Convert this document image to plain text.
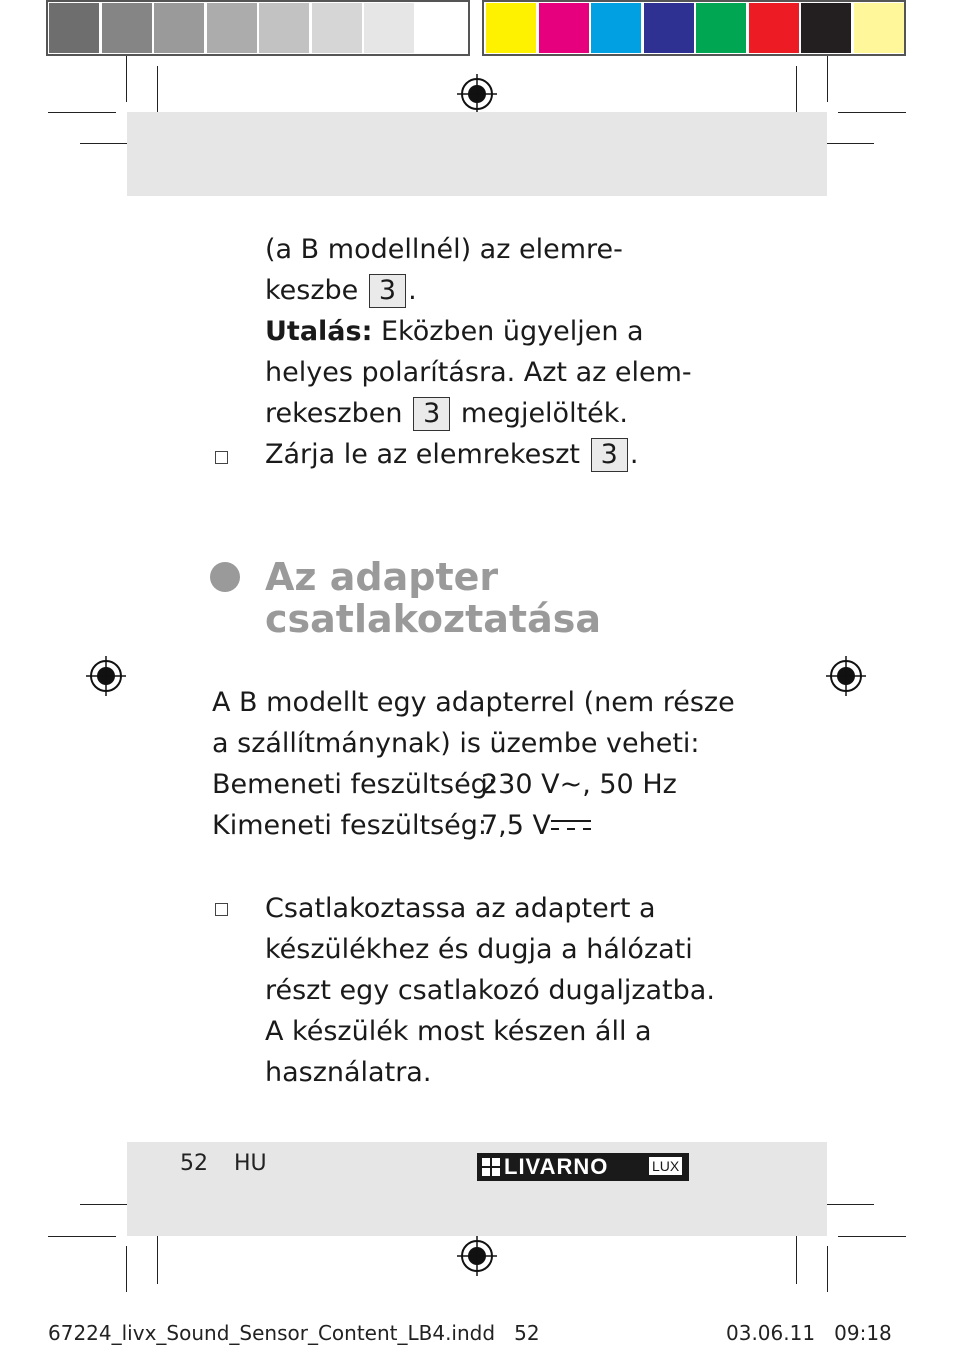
(a B modellnél) az elemre-
keszbe 3 .
Utalás: Eközben ügyeljen a
helyes polarításra. Azt az elem-
rekeszben 3 megjelölték.
Zárja le az elemrekeszt 3 .
Az adapter
csatlakoztatása
A B modellt egy adapterrel (nem része
a szállítmánynak) is üzembe veheti:
Bemeneti feszültség:
230 V~, 50 Hz
Kimeneti feszültség:
7,5 V
Csatlakoztassa az adaptert a
készülékhez és dugja a hálózati
részt egy csatlakozó dugaljzatba.
A készülék most készen áll a
használatra.
52 HU	LIVARNO	LUX
67224_livx_Sound_Sensor_Content_LB4.indd 52	03.06.11 09:18
